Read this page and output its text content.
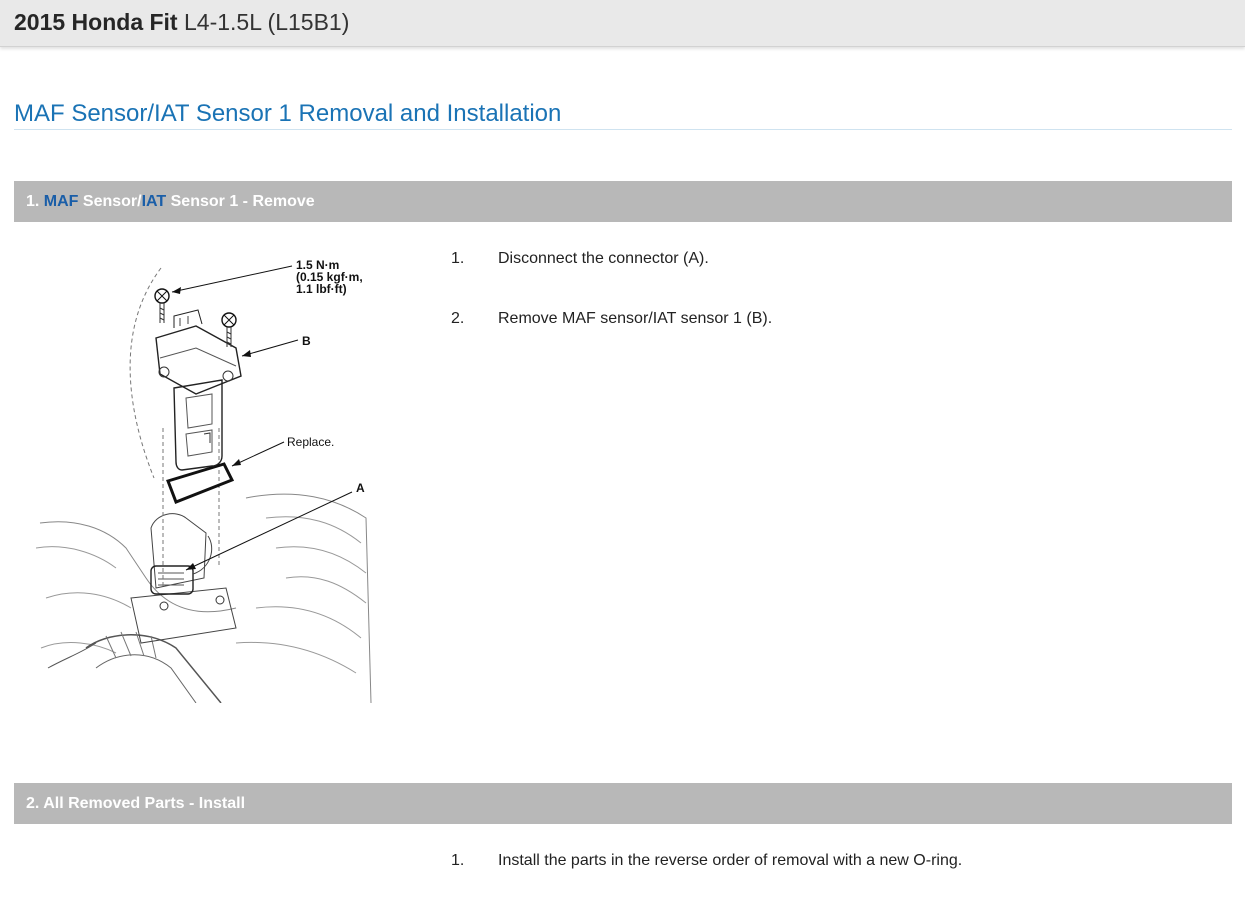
2015 Honda Fit L4-1.5L (L15B1)
MAF Sensor/IAT Sensor 1 Removal and Installation
1. MAF Sensor/IAT Sensor 1 - Remove
1.5 N·m
(0.15 kgf·m,
1.1 lbf·ft)
B
Replace.
A
1. Disconnect the connector (A).
2. Remove MAF sensor/IAT sensor 1 (B).
2. All Removed Parts - Install
1. Install the parts in the reverse order of removal with a new O-ring.
